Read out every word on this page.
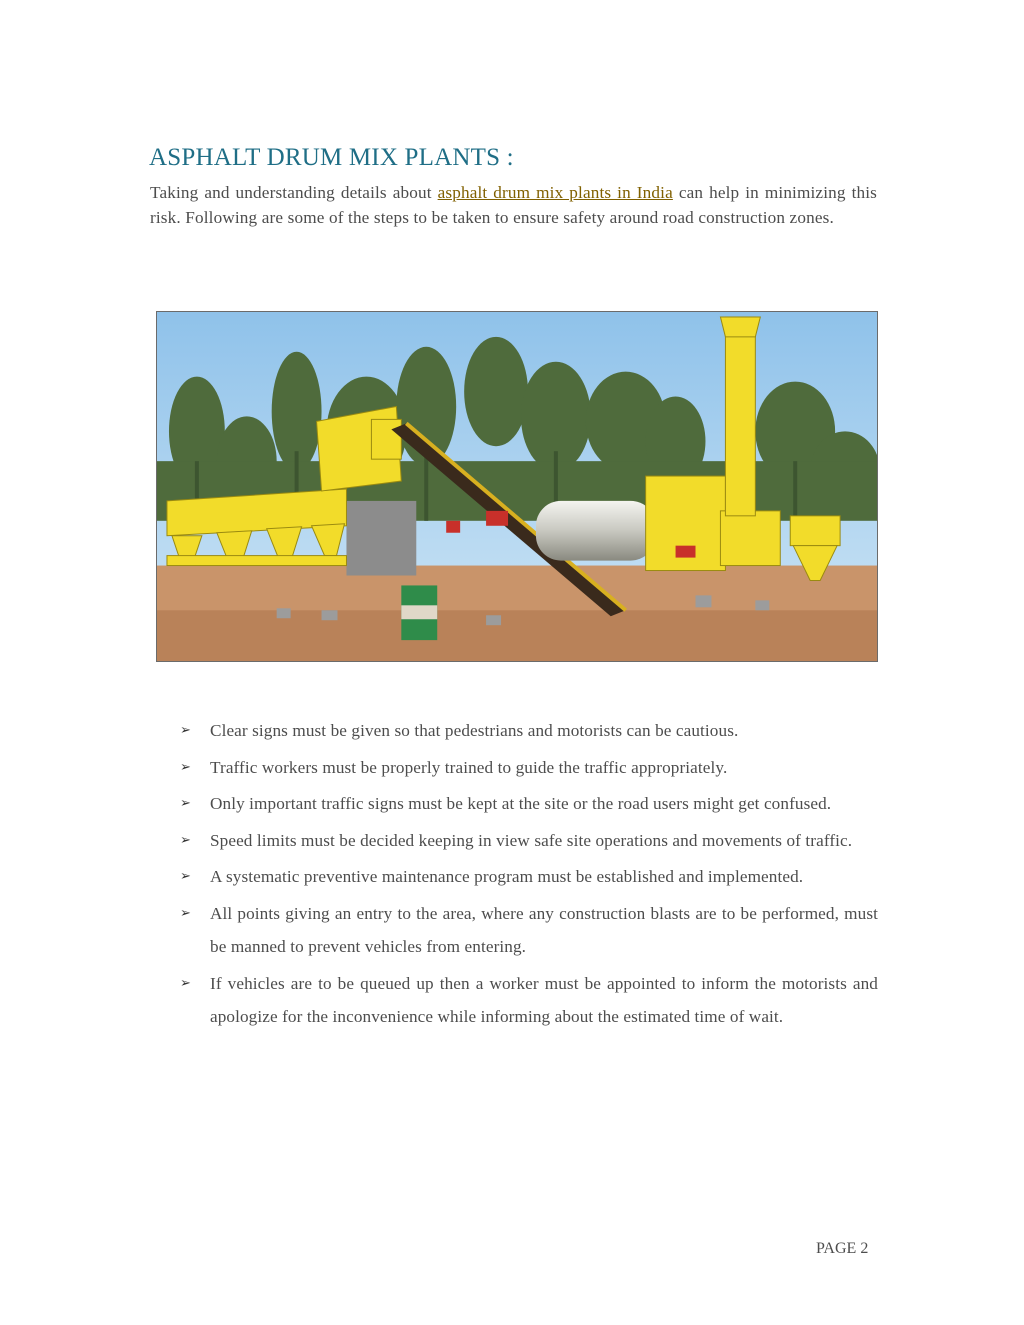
ASPHALT DRUM MIX PLANTS :

Taking and understanding details about asphalt drum mix plants in India can help in minimizing this risk. Following are some of the steps to be taken to ensure safety around road construction zones.

➢ Clear signs must be given so that pedestrians and motorists can be cautious.
➢ Traffic workers must be properly trained to guide the traffic appropriately.
➢ Only important traffic signs must be kept at the site or the road users might get confused.
➢ Speed limits must be decided keeping in view safe site operations and movements of traffic.
➢ A systematic preventive maintenance program must be established and implemented.
➢ All points giving an entry to the area, where any construction blasts are to be performed, must be manned to prevent vehicles from entering.
➢ If vehicles are to be queued up then a worker must be appointed to inform the motorists and apologize for the inconvenience while informing about the estimated time of wait.
PAGE 2
